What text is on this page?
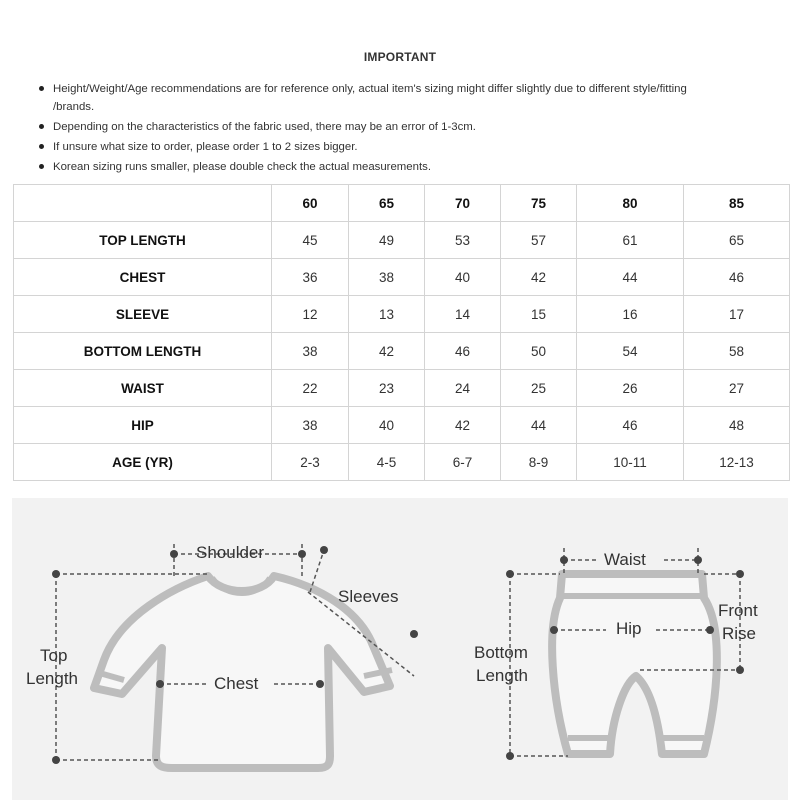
IMPORTANT
Height/Weight/Age recommendations are for reference only, actual item's sizing might differ slightly due to different style/fitting
/brands.
Depending on the characteristics of the fabric used, there may be an error of 1-3cm.
If unsure what size to order, please order 1 to 2 sizes bigger.
Korean sizing runs smaller, please double check the actual measurements.
	60	65	70	75	80	85
TOP LENGTH	45	49	53	57	61	65
CHEST	36	38	40	42	44	46
SLEEVE	12	13	14	15	16	17
BOTTOM LENGTH	38	42	46	50	54	58
WAIST	22	23	24	25	26	27
HIP	38	40	42	44	46	48
AGE (YR)	2-3	4-5	6-7	8-9	10-11	12-13
Shoulder
Sleeves
Top
Length	Chest
Waist
Hip
Front
Rise
Bottom
Length
